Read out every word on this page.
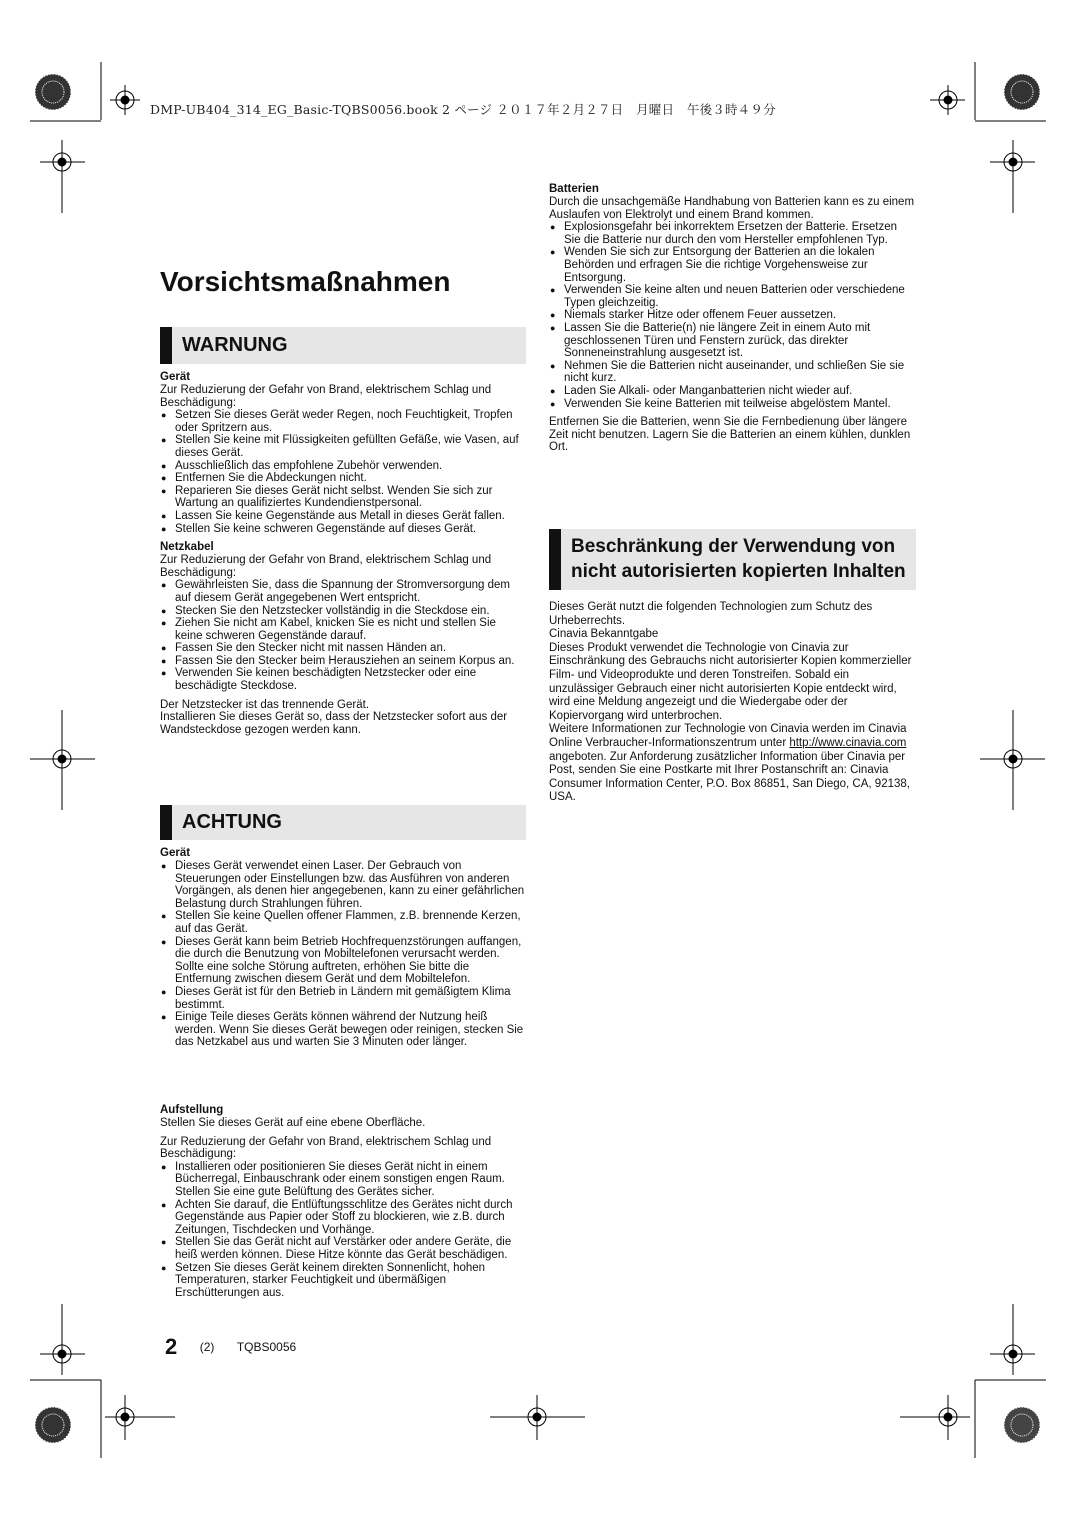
DMP-UB404_314_EG_Basic-TQBS0056.book 2 ページ ２０１７年２月２７日　月曜日　午後３時４９分
Vorsichtsmaßnahmen
WARNUNG
Gerät

Zur Reduzierung der Gefahr von Brand, elektrischem Schlag und Beschädigung:

● Setzen Sie dieses Gerät weder Regen, noch Feuchtigkeit, Tropfen oder Spritzern aus.
● Stellen Sie keine mit Flüssigkeiten gefüllten Gefäße, wie Vasen, auf dieses Gerät.
● Ausschließlich das empfohlene Zubehör verwenden.
● Entfernen Sie die Abdeckungen nicht.
● Reparieren Sie dieses Gerät nicht selbst. Wenden Sie sich zur Wartung an qualifiziertes Kundendienstpersonal.
● Lassen Sie keine Gegenstände aus Metall in dieses Gerät fallen.
● Stellen Sie keine schweren Gegenstände auf dieses Gerät.
Netzkabel

Zur Reduzierung der Gefahr von Brand, elektrischem Schlag und Beschädigung:

● Gewährleisten Sie, dass die Spannung der Stromversorgung dem auf diesem Gerät angegebenen Wert entspricht.
● Stecken Sie den Netzstecker vollständig in die Steckdose ein.
● Ziehen Sie nicht am Kabel, knicken Sie es nicht und stellen Sie keine schweren Gegenstände darauf.
● Fassen Sie den Stecker nicht mit nassen Händen an.
● Fassen Sie den Stecker beim Herausziehen an seinem Korpus an.
● Verwenden Sie keinen beschädigten Netzstecker oder eine beschädigte Steckdose.

Der Netzstecker ist das trennende Gerät.

Installieren Sie dieses Gerät so, dass der Netzstecker sofort aus der Wandsteckdose gezogen werden kann.

ACHTUNG
Gerät
● Dieses Gerät verwendet einen Laser. Der Gebrauch von Steuerungen oder Einstellungen bzw. das Ausführen von anderen Vorgängen, als denen hier angegebenen, kann zu einer gefährlichen Belastung durch Strahlungen führen.
● Stellen Sie keine Quellen offener Flammen, z.B. brennende Kerzen, auf das Gerät.
● Dieses Gerät kann beim Betrieb Hochfrequenzstörungen auffangen, die durch die Benutzung von Mobiltelefonen verursacht werden. Sollte eine solche Störung auftreten, erhöhen Sie bitte die Entfernung zwischen diesem Gerät und dem Mobiltelefon.
● Dieses Gerät ist für den Betrieb in Ländern mit gemäßigtem Klima bestimmt.
● Einige Teile dieses Geräts können während der Nutzung heiß werden. Wenn Sie dieses Gerät bewegen oder reinigen, stecken Sie das Netzkabel aus und warten Sie 3 Minuten oder länger.
Aufstellung

Stellen Sie dieses Gerät auf eine ebene Oberfläche.

Zur Reduzierung der Gefahr von Brand, elektrischem Schlag und Beschädigung:

● Installieren oder positionieren Sie dieses Gerät nicht in einem Bücherregal, Einbauschrank oder einem sonstigen engen Raum. Stellen Sie eine gute Belüftung des Gerätes sicher.
● Achten Sie darauf, die Entlüftungsschlitze des Gerätes nicht durch Gegenstände aus Papier oder Stoff zu blockieren, wie z.B. durch Zeitungen, Tischdecken und Vorhänge.
● Stellen Sie das Gerät nicht auf Verstärker oder andere Geräte, die heiß werden können. Diese Hitze könnte das Gerät beschädigen.
● Setzen Sie dieses Gerät keinem direkten Sonnenlicht, hohen Temperaturen, starker Feuchtigkeit und übermäßigen Erschütterungen aus.
Batterien

Durch die unsachgemäße Handhabung von Batterien kann es zu einem Auslaufen von Elektrolyt und einem Brand kommen.

● Explosionsgefahr bei inkorrektem Ersetzen der Batterie. Ersetzen Sie die Batterie nur durch den vom Hersteller empfohlenen Typ.
● Wenden Sie sich zur Entsorgung der Batterien an die lokalen Behörden und erfragen Sie die richtige Vorgehensweise zur Entsorgung.
● Verwenden Sie keine alten und neuen Batterien oder verschiedene Typen gleichzeitig.
● Niemals starker Hitze oder offenem Feuer aussetzen.
● Lassen Sie die Batterie(n) nie längere Zeit in einem Auto mit geschlossenen Türen und Fenstern zurück, das direkter Sonneneinstrahlung ausgesetzt ist.
● Nehmen Sie die Batterien nicht auseinander, und schließen Sie sie nicht kurz.
● Laden Sie Alkali- oder Manganbatterien nicht wieder auf.
● Verwenden Sie keine Batterien mit teilweise abgelöstem Mantel.

Entfernen Sie die Batterien, wenn Sie die Fernbedienung über längere Zeit nicht benutzen. Lagern Sie die Batterien an einem kühlen, dunklen Ort.

Beschränkung der Verwendung von
nicht autorisierten kopierten Inhalten

Dieses Gerät nutzt die folgenden Technologien zum Schutz des Urheberrechts.

Cinavia Bekanntgabe

Dieses Produkt verwendet die Technologie von Cinavia zur Einschränkung des Gebrauchs nicht autorisierter Kopien kommerzieller Film- und Videoprodukte und deren Tonstreifen. Sobald ein unzulässiger Gebrauch einer nicht autorisierten Kopie entdeckt wird, wird eine Meldung angezeigt und die Wiedergabe oder der Kopiervorgang wird unterbrochen.

Weitere Informationen zur Technologie von Cinavia werden im Cinavia Online Verbraucher-Informationszentrum unter http://www.cinavia.com angeboten. Zur Anforderung zusätzlicher Information über Cinavia per Post, senden Sie eine Postkarte mit Ihrer Postanschrift an: Cinavia Consumer Information Center, P.O. Box 86851, San Diego, CA, 92138, USA.

2 (2) TQBS0056
